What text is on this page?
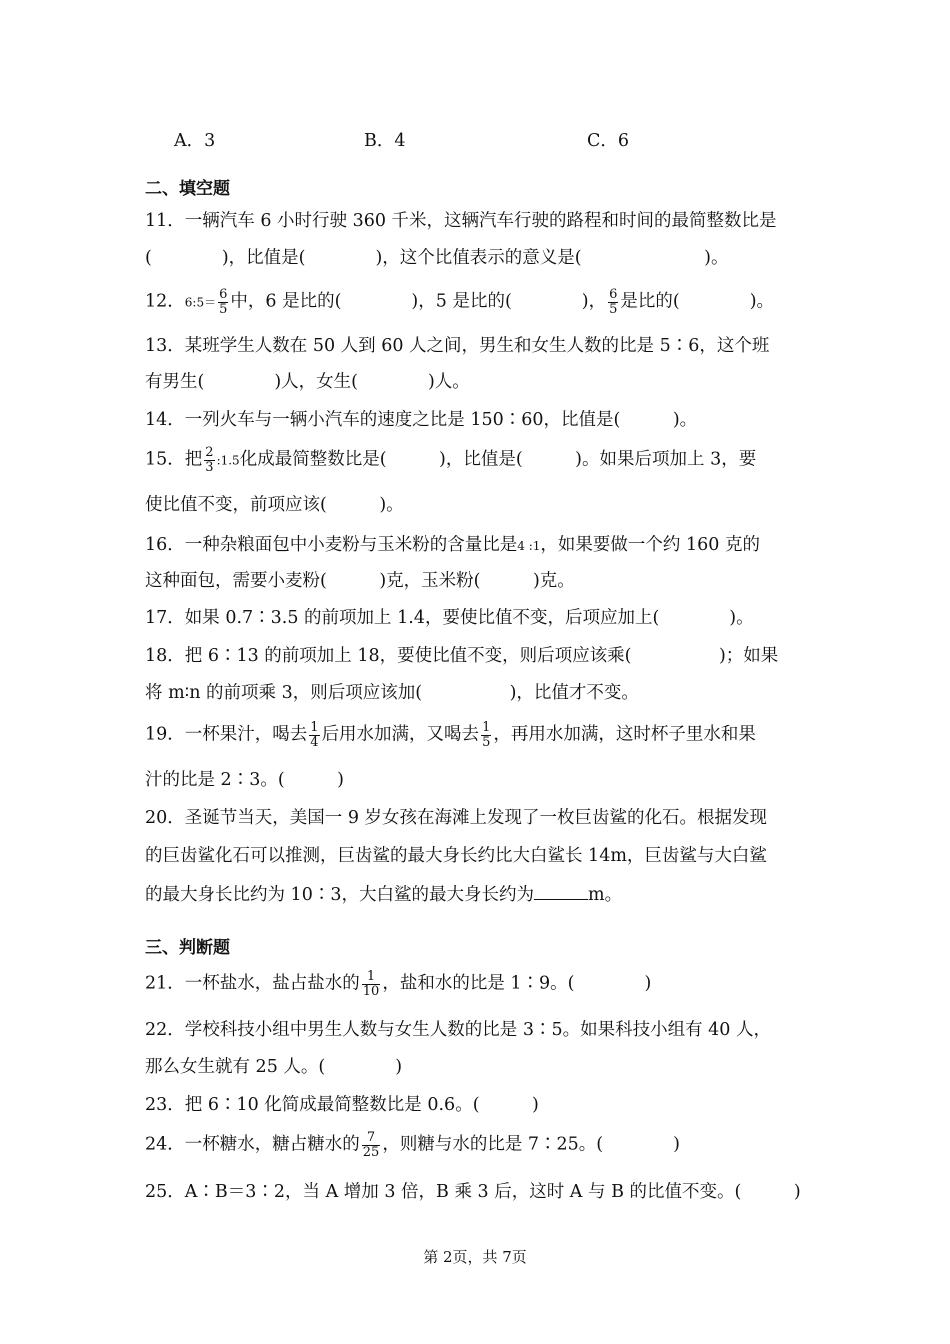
A．3	B．4	C．6
二、填空题
11．一辆汽车 6 小时行驶 360 千米，这辆汽车行驶的路程和时间的最简整数比是
(　　　　)，比值是(　　　　)，这个比值表示的意义是(　　　　　　　)。
12．6:5＝ $\frac{6}{5}$ 中，6 是比的(　　　　)，5 是比的(　　　　)， $\frac{6}{5}$ 是比的(　　　　)。
13．某班学生人数在 50 人到 60 人之间，男生和女生人数的比是 5∶6，这个班
有男生(　　　　)人，女生(　　　　)人。
14．一列火车与一辆小汽车的速度之比是 150∶60，比值是(　　　)。
15．把 $\frac{2}{3}$ :1.5化成最简整数比是(　　　)，比值是(　　　)。如果后项加上 3，要
使比值不变，前项应该(　　　)。
16．一种杂粮面包中小麦粉与玉米粉的含量比是4 :1，如果要做一个约 160 克的
这种面包，需要小麦粉(　　　)克，玉米粉(　　　)克。
17．如果 0.7∶3.5 的前项加上 1.4，要使比值不变，后项应加上(　　　　)。
18．把 6∶13 的前项加上 18，要使比值不变，则后项应该乘(　　　　　)；如果
将 m∶n 的前项乘 3，则后项应该加(　　　　　)，比值才不变。
19．一杯果汁，喝去 $\frac{1}{4}$ 后用水加满，又喝去 $\frac{1}{5}$ ，再用水加满，这时杯子里水和果
汁的比是 2∶3。(　　　)
20．圣诞节当天，美国一 9 岁女孩在海滩上发现了一枚巨齿鲨的化石。根据发现
的巨齿鲨化石可以推测，巨齿鲨的最大身长约比大白鲨长 14m，巨齿鲨与大白鲨
的最大身长比约为 10∶3，大白鲨的最大身长约为	m。
三、判断题
21．一杯盐水，盐占盐水的 $\frac{1}{10}$ ，盐和水的比是 1∶9。(　　　　)
22．学校科技小组中男生人数与女生人数的比是 3∶5。如果科技小组有 40 人，
那么女生就有 25 人。(　　　　)
23．把 6∶10 化简成最简整数比是 0.6。(　　　)
24．一杯糖水，糖占糖水的 $\frac{7}{25}$ ，则糖与水的比是 7∶25。(　　　　)
25．A∶B＝3∶2，当 A 增加 3 倍，B 乘 3 后，这时 A 与 B 的比值不变。(　　　)
第 2页，共 7页
